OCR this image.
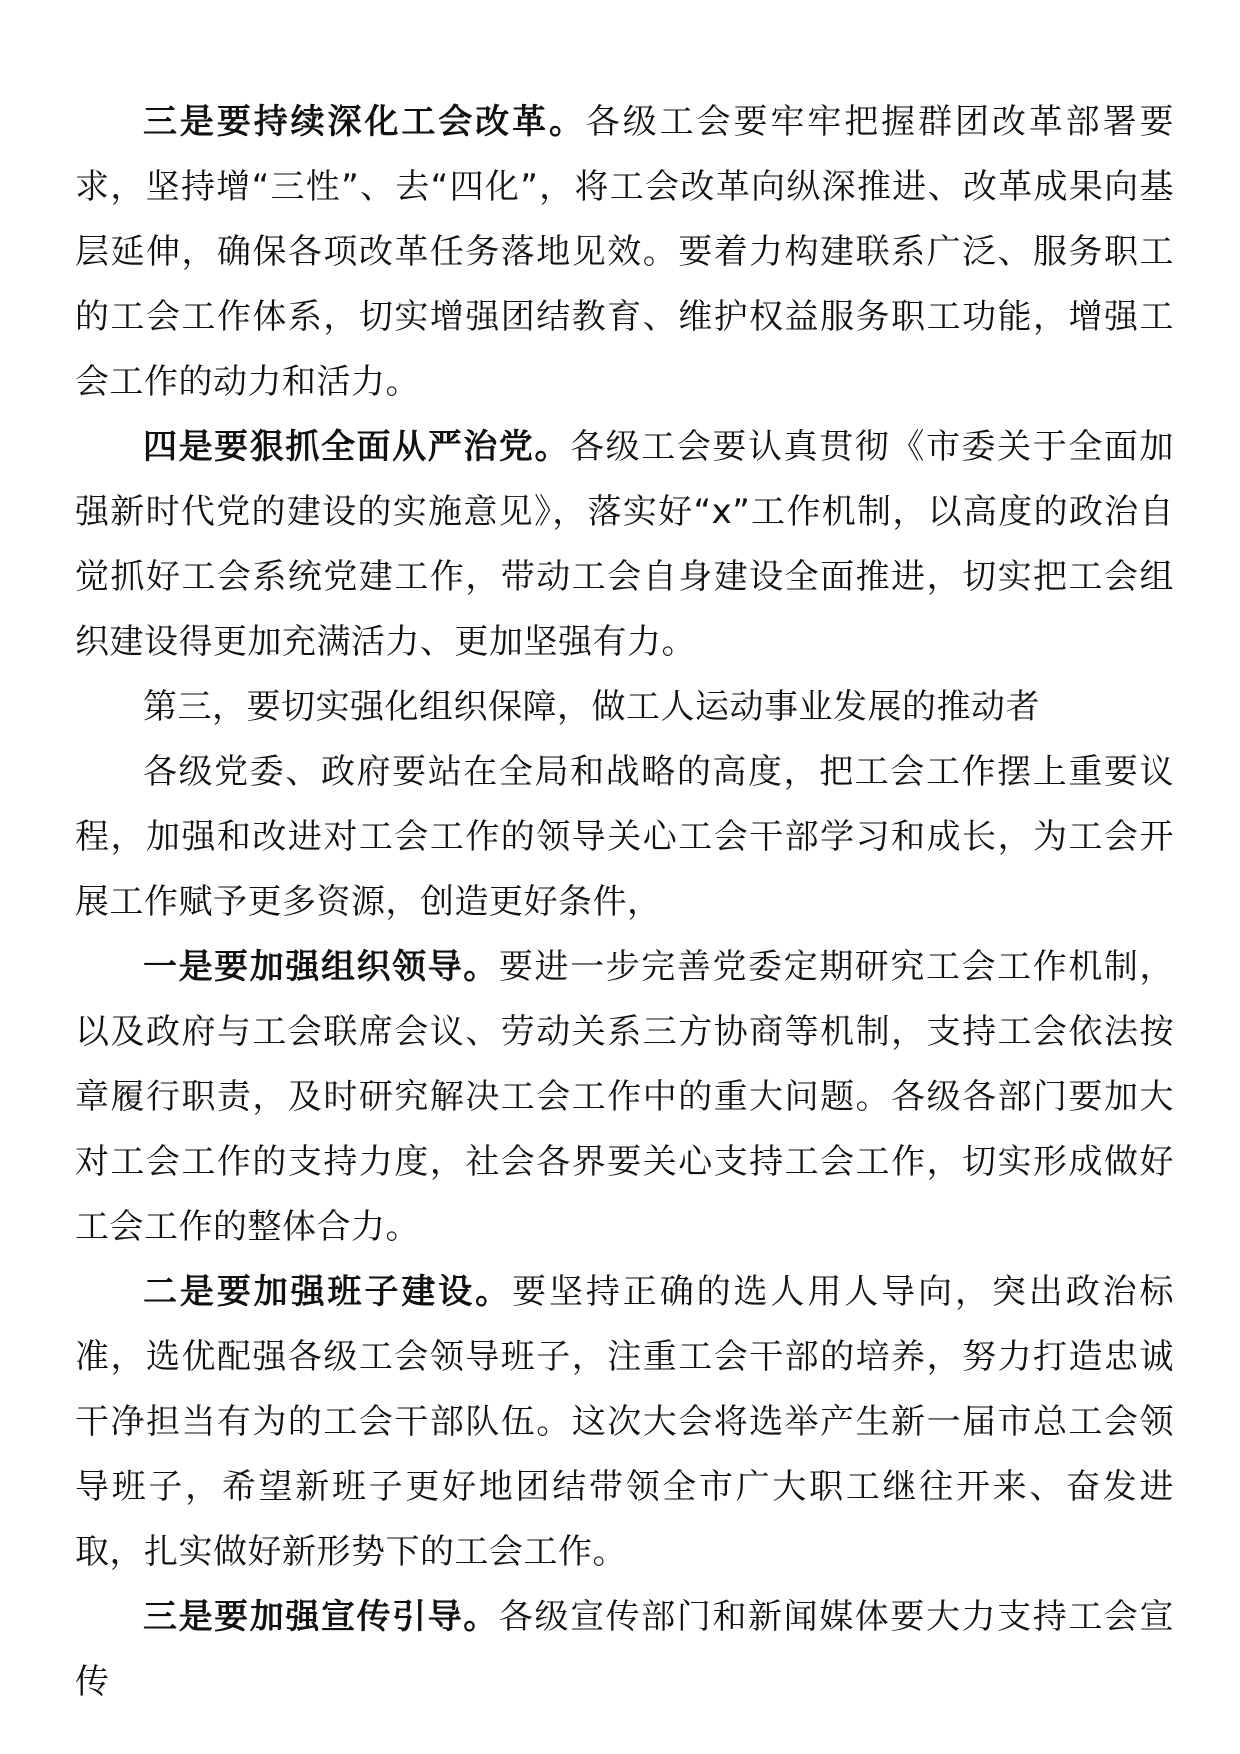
三是要持续深化工会改革。各级工会要牢牢把握群团改革部署要求，坚持增“三性”、去“四化”，将工会改革向纵深推进、改革成果向基层延伸，确保各项改革任务落地见效。要着力构建联系广泛、服务职工的工会工作体系，切实增强团结教育、维护权益服务职工功能，增强工会工作的动力和活力。

四是要狠抓全面从严治党。各级工会要认真贯彻《市委关于全面加强新时代党的建设的实施意见》，落实好“x”工作机制，以高度的政治自觉抓好工会系统党建工作，带动工会自身建设全面推进，切实把工会组织建设得更加充满活力、更加坚强有力。

第三，要切实强化组织保障，做工人运动事业发展的推动者

各级党委、政府要站在全局和战略的高度，把工会工作摆上重要议程，加强和改进对工会工作的领导关心工会干部学习和成长，为工会开展工作赋予更多资源，创造更好条件，

一是要加强组织领导。要进一步完善党委定期研究工会工作机制，以及政府与工会联席会议、劳动关系三方协商等机制，支持工会依法按章履行职责，及时研究解决工会工作中的重大问题。各级各部门要加大对工会工作的支持力度，社会各界要关心支持工会工作，切实形成做好工会工作的整体合力。

二是要加强班子建设。要坚持正确的选人用人导向，突出政治标准，选优配强各级工会领导班子，注重工会干部的培养，努力打造忠诚干净担当有为的工会干部队伍。这次大会将选举产生新一届市总工会领导班子，希望新班子更好地团结带领全市广大职工继往开来、奋发进取，扎实做好新形势下的工会工作。

三是要加强宣传引导。各级宣传部门和新闻媒体要大力支持工会宣传
